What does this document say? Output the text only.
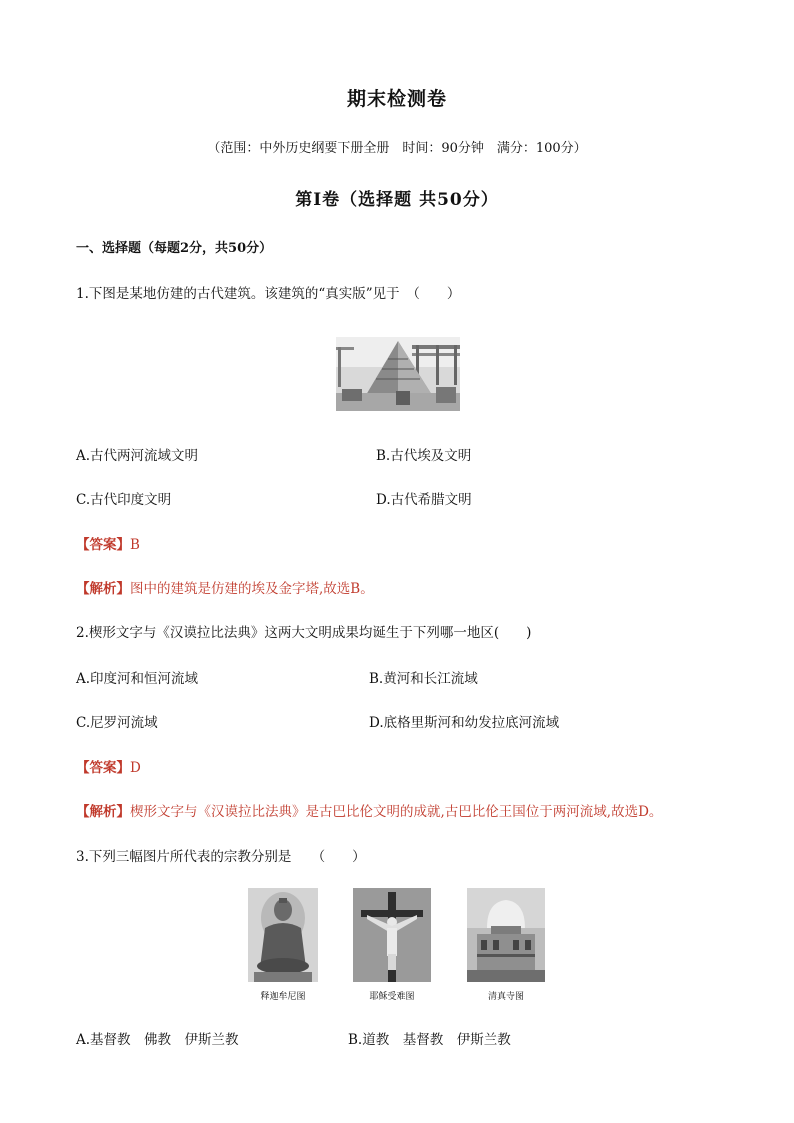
期末检测卷
（范围：中外历史纲要下册全册　时间：90分钟　满分：100分）
第Ⅰ卷（选择题 共50分）
一、选择题（每题2分，共50分）
1.下图是某地仿建的古代建筑。该建筑的“真实版”见于　（　　）
A.古代两河流域文明	B.古代埃及文明
C.古代印度文明	D.古代希腊文明
【答案】B
【解析】图中的建筑是仿建的埃及金字塔,故选B。
2.楔形文字与《汉谟拉比法典》这两大文明成果均诞生于下列哪一地区(　　)
A.印度河和恒河流域	B.黄河和长江流域
C.尼罗河流域	D.底格里斯河和幼发拉底河流域
【答案】D
【解析】楔形文字与《汉谟拉比法典》是古巴比伦文明的成就,古巴比伦王国位于两河流域,故选D。
3.下列三幅图片所代表的宗教分别是　　（　　）
释迦牟尼图	耶稣受难图	清真寺图
A.基督教　佛教　伊斯兰教	B.道教　基督教　伊斯兰教
